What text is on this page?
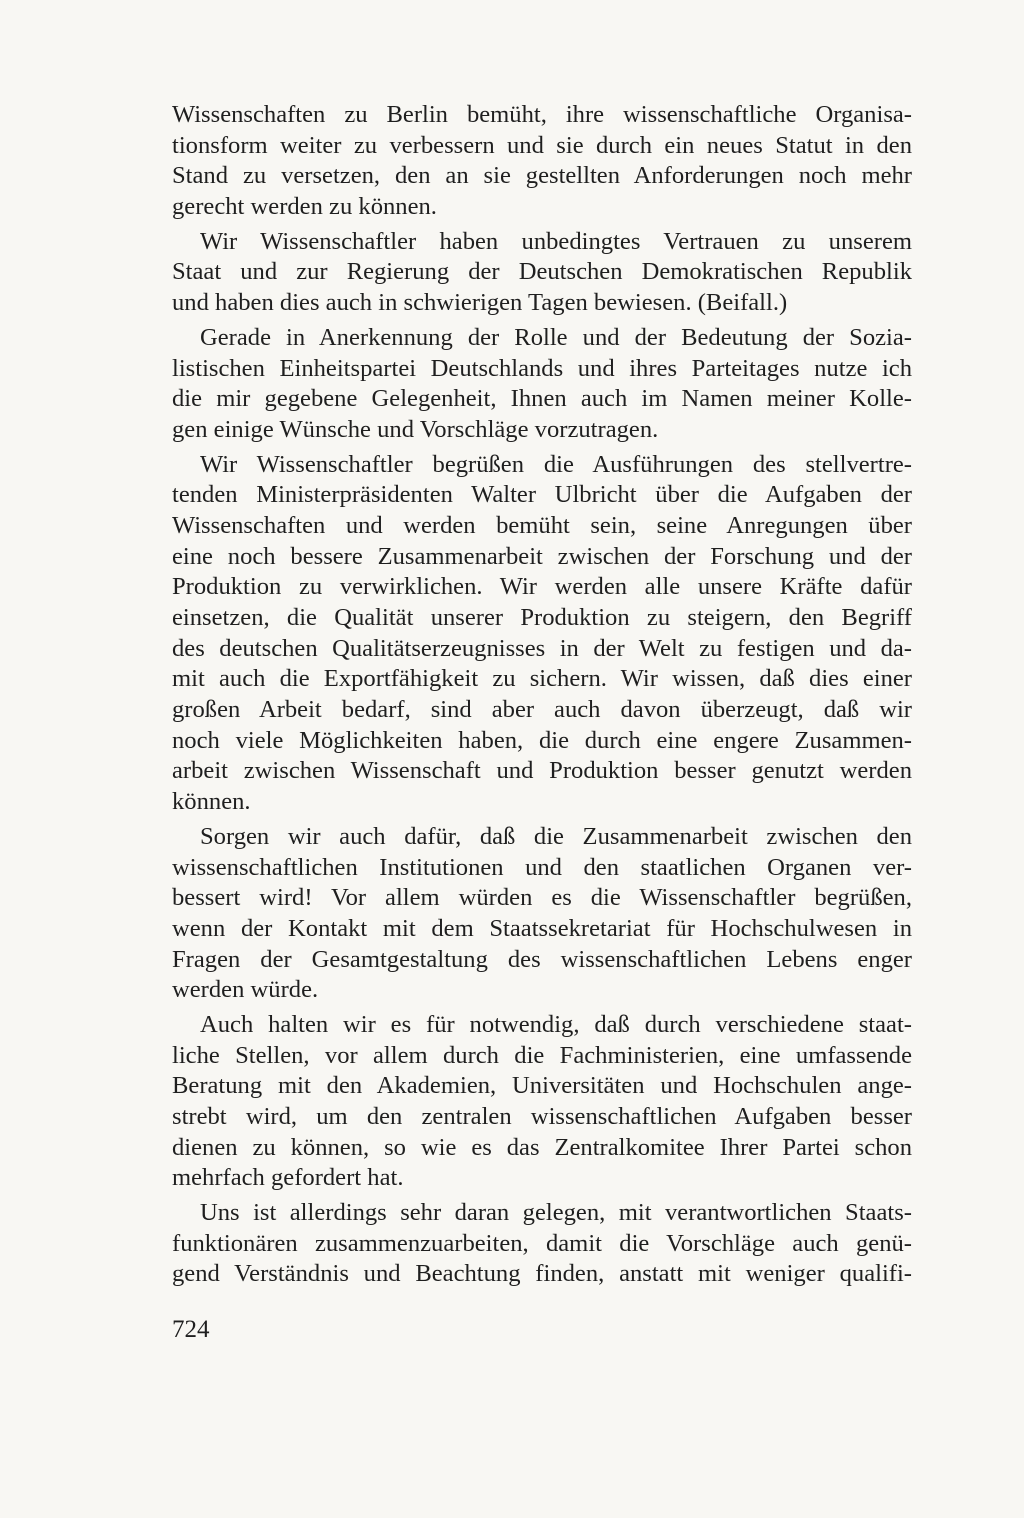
Wissenschaften zu Berlin bemüht, ihre wissenschaftliche Organisa-
tionsform weiter zu verbessern und sie durch ein neues Statut in den
Stand zu versetzen, den an sie gestellten Anforderungen noch mehr
gerecht werden zu können.
Wir Wissenschaftler haben unbedingtes Vertrauen zu unserem
Staat und zur Regierung der Deutschen Demokratischen Republik
und haben dies auch in schwierigen Tagen bewiesen. (Beifall.)
Gerade in Anerkennung der Rolle und der Bedeutung der Sozia-
listischen Einheitspartei Deutschlands und ihres Parteitages nutze ich
die mir gegebene Gelegenheit, Ihnen auch im Namen meiner Kolle-
gen einige Wünsche und Vorschläge vorzutragen.
Wir Wissenschaftler begrüßen die Ausführungen des stellvertre-
tenden Ministerpräsidenten Walter Ulbricht über die Aufgaben der
Wissenschaften und werden bemüht sein, seine Anregungen über
eine noch bessere Zusammenarbeit zwischen der Forschung und der
Produktion zu verwirklichen. Wir werden alle unsere Kräfte dafür
einsetzen, die Qualität unserer Produktion zu steigern, den Begriff
des deutschen Qualitätserzeugnisses in der Welt zu festigen und da-
mit auch die Exportfähigkeit zu sichern. Wir wissen, daß dies einer
großen Arbeit bedarf, sind aber auch davon überzeugt, daß wir
noch viele Möglichkeiten haben, die durch eine engere Zusammen-
arbeit zwischen Wissenschaft und Produktion besser genutzt werden
können.
Sorgen wir auch dafür, daß die Zusammenarbeit zwischen den
wissenschaftlichen Institutionen und den staatlichen Organen ver-
bessert wird! Vor allem würden es die Wissenschaftler begrüßen,
wenn der Kontakt mit dem Staatssekretariat für Hochschulwesen in
Fragen der Gesamtgestaltung des wissenschaftlichen Lebens enger
werden würde.
Auch halten wir es für notwendig, daß durch verschiedene staat-
liche Stellen, vor allem durch die Fachministerien, eine umfassende
Beratung mit den Akademien, Universitäten und Hochschulen ange-
strebt wird, um den zentralen wissenschaftlichen Aufgaben besser
dienen zu können, so wie es das Zentralkomitee Ihrer Partei schon
mehrfach gefordert hat.
Uns ist allerdings sehr daran gelegen, mit verantwortlichen Staats-
funktionären zusammenzuarbeiten, damit die Vorschläge auch genü-
gend Verständnis und Beachtung finden, anstatt mit weniger qualifi-
724
